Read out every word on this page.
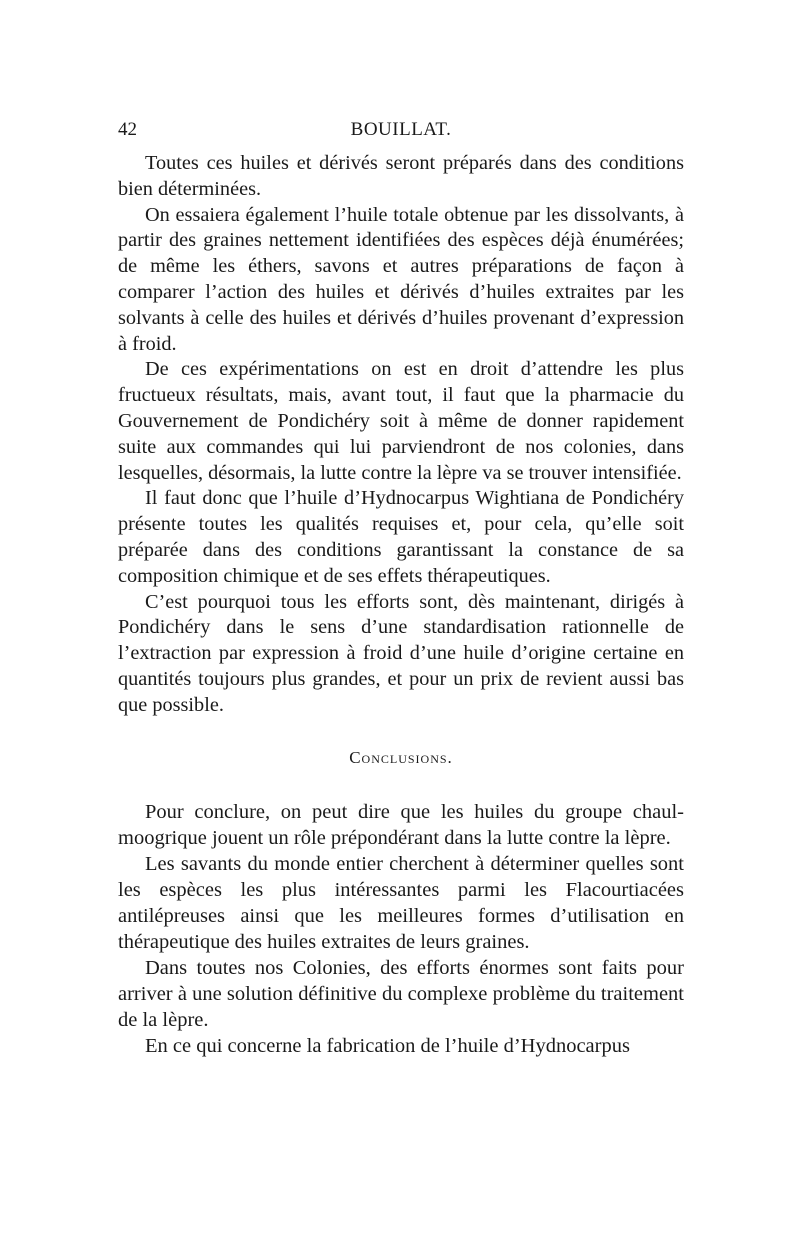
42	BOUILLAT.

Toutes ces huiles et dérivés seront préparés dans des conditions bien déterminées.

On essaiera également l’huile totale obtenue par les dissolvants, à partir des graines nettement identifiées des espèces déjà énumérées; de même les éthers, savons et autres préparations de façon à comparer l’action des huiles et dérivés d’huiles extraites par les solvants à celle des huiles et dérivés d’huiles provenant d’expression à froid.

De ces expérimentations on est en droit d’attendre les plus fructueux résultats, mais, avant tout, il faut que la pharmacie du Gouvernement de Pondichéry soit à même de donner rapidement suite aux commandes qui lui parviendront de nos colonies, dans lesquelles, désormais, la lutte contre la lèpre va se trouver intensifiée.

Il faut donc que l’huile d’Hydnocarpus Wightiana de Pondichéry présente toutes les qualités requises et, pour cela, qu’elle soit préparée dans des conditions garantissant la constance de sa composition chimique et de ses effets thérapeutiques.

C’est pourquoi tous les efforts sont, dès maintenant, dirigés à Pondichéry dans le sens d’une standardisation rationnelle de l’extraction par expression à froid d’une huile d’origine certaine en quantités toujours plus grandes, et pour un prix de revient aussi bas que possible.

Conclusions.

Pour conclure, on peut dire que les huiles du groupe chaulmoogrique jouent un rôle prépondérant dans la lutte contre la lèpre.

Les savants du monde entier cherchent à déterminer quelles sont les espèces les plus intéressantes parmi les Flacourtiacées antilépreuses ainsi que les meilleures formes d’utilisation en thérapeutique des huiles extraites de leurs graines.

Dans toutes nos Colonies, des efforts énormes sont faits pour arriver à une solution définitive du complexe problème du traitement de la lèpre.

En ce qui concerne la fabrication de l’huile d’Hydnocarpus
